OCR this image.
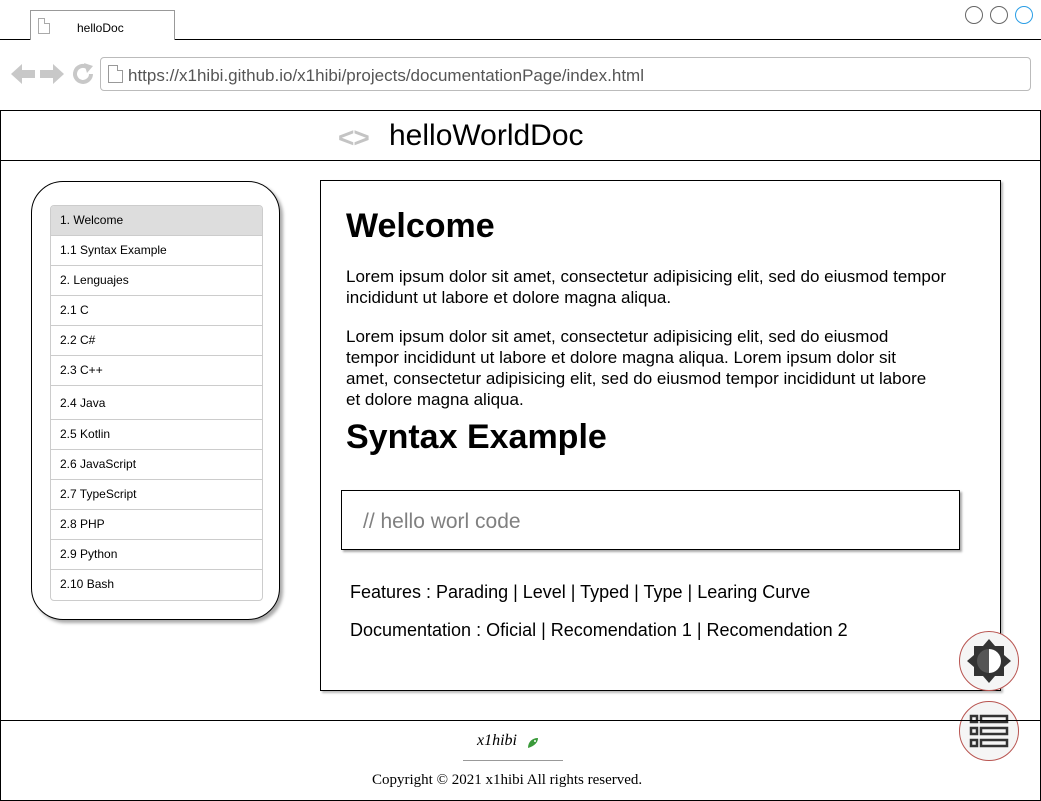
helloDoc
https://x1hibi.github.io/x1hibi/projects/documentationPage/index.html
<> helloWorldDoc
1. Welcome
1.1 Syntax Example
2. Lenguajes
2.1 C
2.2 C#
2.3 C++
2.4 Java
2.5 Kotlin
2.6 JavaScript
2.7 TypeScript
2.8 PHP
2.9 Python
2.10 Bash
Welcome

Lorem ipsum dolor sit amet, consectetur adipisicing elit, sed do eiusmod tempor incididunt ut labore et dolore magna aliqua.

Lorem ipsum dolor sit amet, consectetur adipisicing elit, sed do eiusmod tempor incididunt ut labore et dolore magna aliqua. Lorem ipsum dolor sit amet, consectetur adipisicing elit, sed do eiusmod tempor incididunt ut labore et dolore magna aliqua.

Syntax Example
// hello worl code
Features : Parading | Level | Typed | Type | Learing Curve
Documentation : Oficial | Recomendation 1 | Recomendation 2
x1hibi
Copyright © 2021 x1hibi All rights reserved.
